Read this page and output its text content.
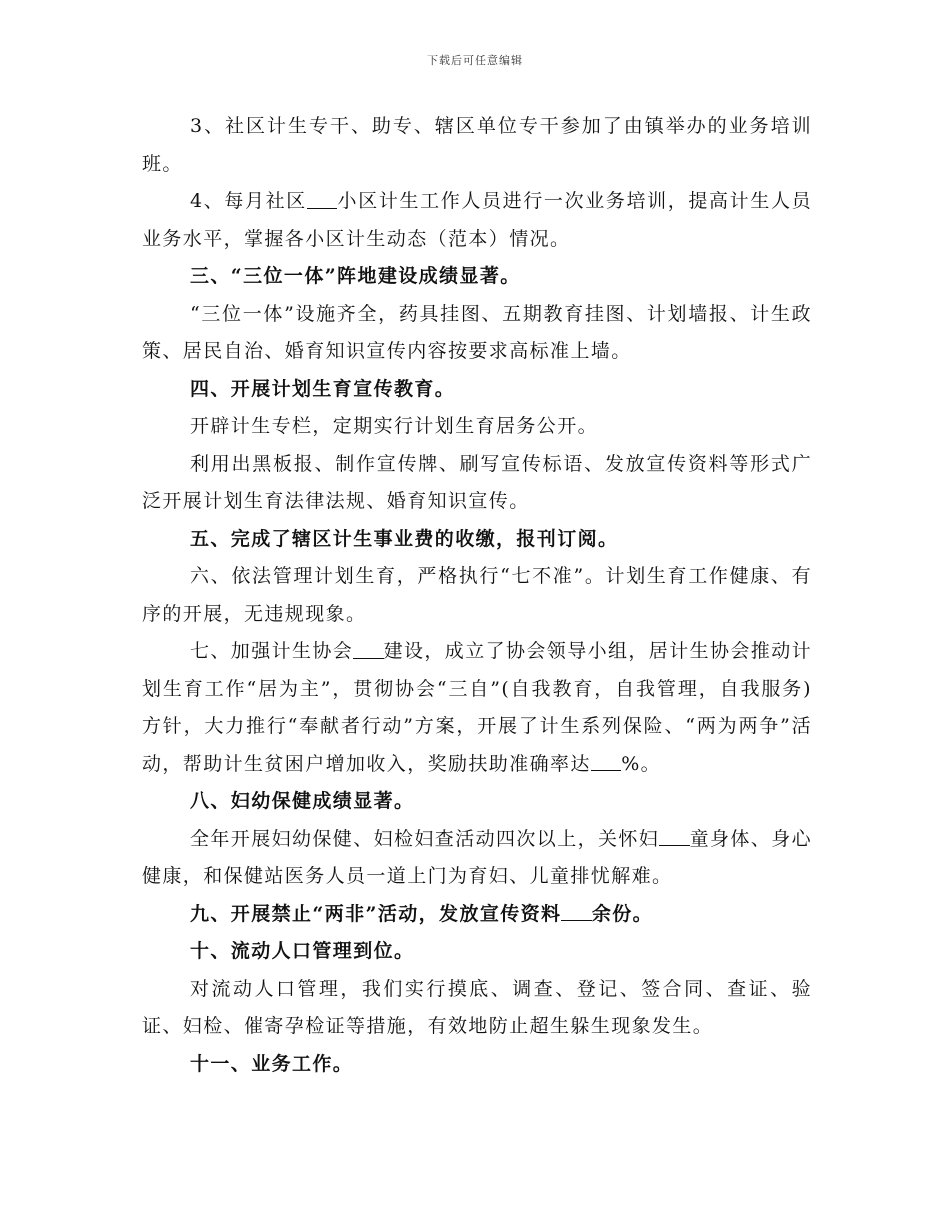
下载后可任意编辑

3、社区计生专干、助专、辖区单位专干参加了由镇举办的业务培训班。

4、每月社区 小区计生工作人员进行一次业务培训，提高计生人员业务水平，掌握各小区计生动态（范本）情况。

三、“三位一体”阵地建设成绩显著。

“三位一体”设施齐全，药具挂图、五期教育挂图、计划墙报、计生政策、居民自治、婚育知识宣传内容按要求高标准上墙。

四、开展计划生育宣传教育。

开辟计生专栏，定期实行计划生育居务公开。

利用出黑板报、制作宣传牌、刷写宣传标语、发放宣传资料等形式广泛开展计划生育法律法规、婚育知识宣传。

五、完成了辖区计生事业费的收缴，报刊订阅。

六、依法管理计划生育，严格执行“七不准”。计划生育工作健康、有序的开展，无违规现象。

七、加强计生协会 建设，成立了协会领导小组，居计生协会推动计划生育工作“居为主”，贯彻协会“三自”(自我教育，自我管理，自我服务)方针，大力推行“奉献者行动”方案，开展了计生系列保险、“两为两争”活动，帮助计生贫困户增加收入，奖励扶助准确率达 %。

八、妇幼保健成绩显著。

全年开展妇幼保健、妇检妇查活动四次以上，关怀妇 童身体、身心健康，和保健站医务人员一道上门为育妇、儿童排忧解难。

九、开展禁止“两非”活动，发放宣传资料 余份。

十、流动人口管理到位。

对流动人口管理，我们实行摸底、调查、登记、签合同、查证、验证、妇检、催寄孕检证等措施，有效地防止超生躲生现象发生。

十一、业务工作。
